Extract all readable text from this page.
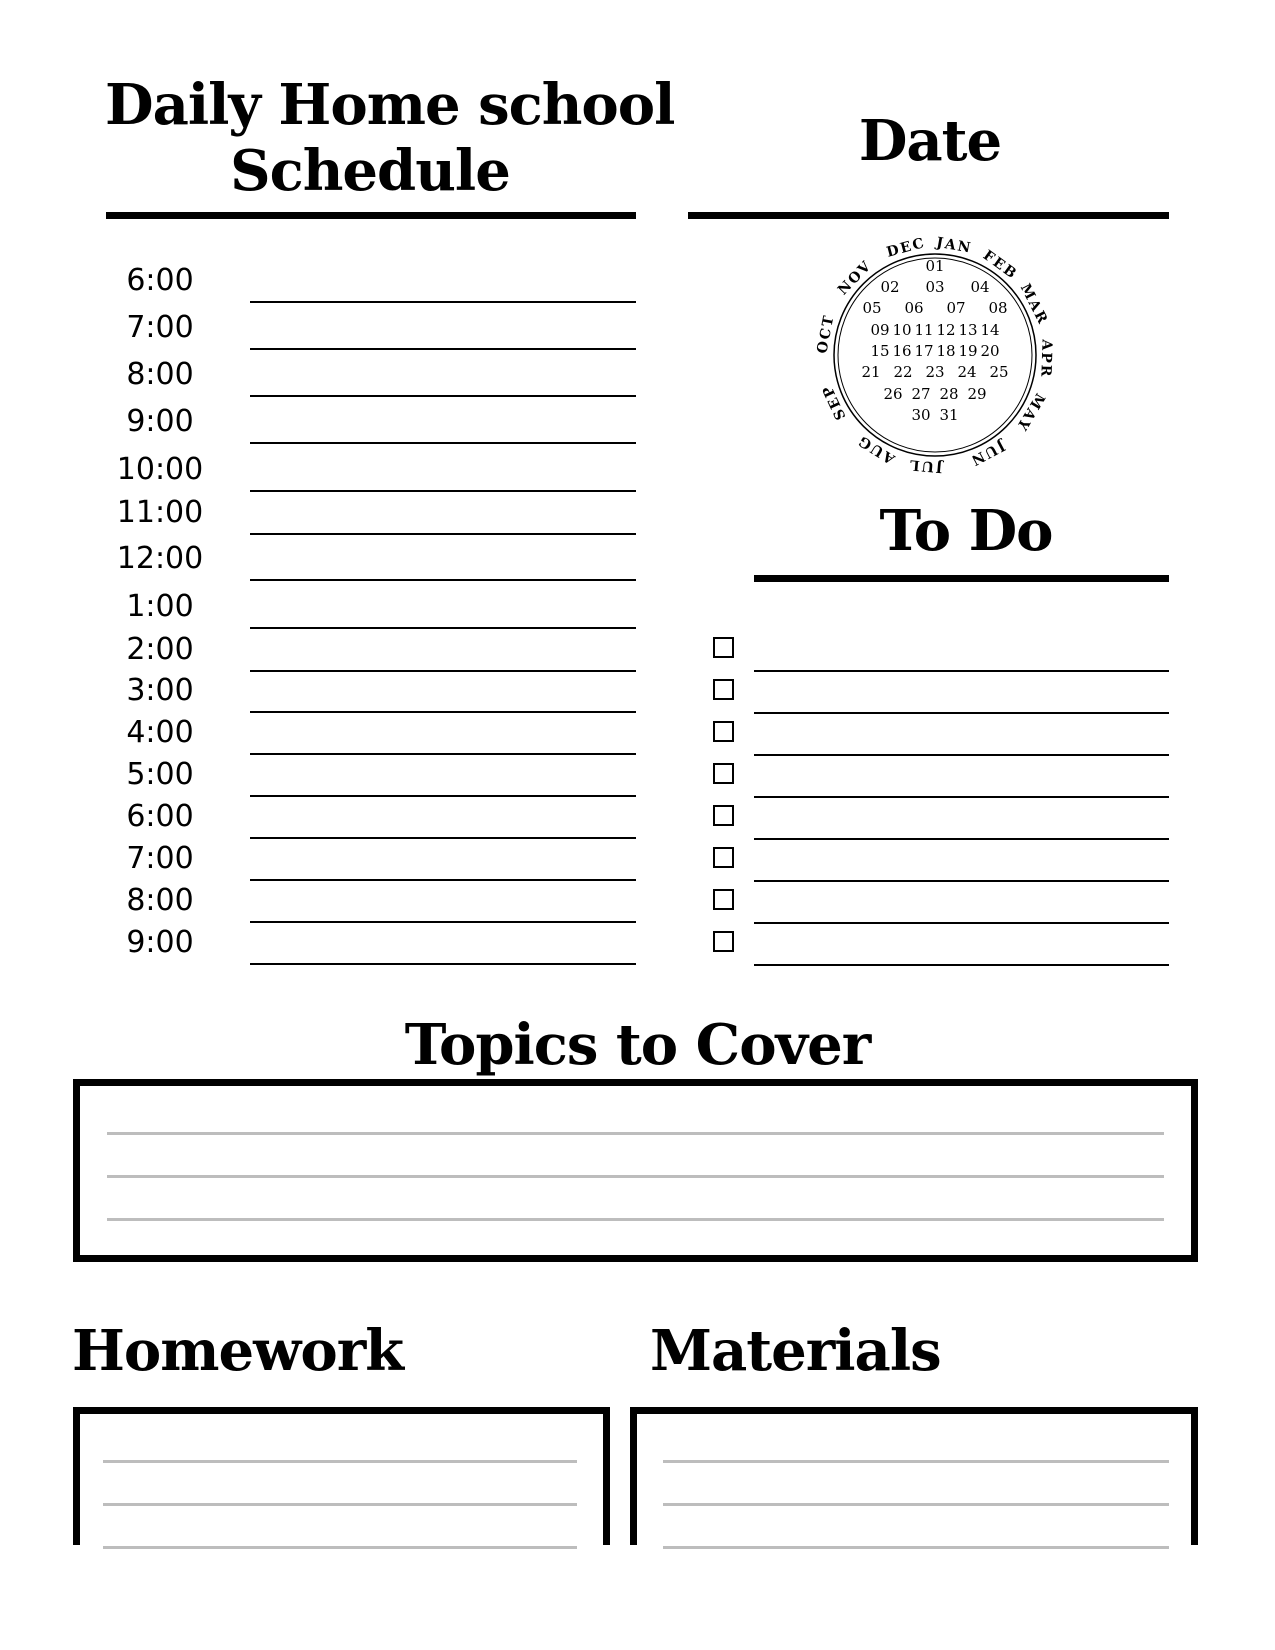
Daily Home school
Schedule	Date
6:00
7:00
8:00
9:00
10:00
11:00
12:00
1:00
2:00
3:00
4:00
5:00
6:00
7:00
8:00
9:00
JAN
FEB
MAR
APR
MAY
JUN
JUL
AUG
SEP
OCT
NOV
DEC
01
02 03 04
05 06 07 08
09 10 11 12 13 14
15 16 17 18 19 20
21 22 23 24 25
26 27 28 29
30 31
To Do
Topics to Cover
Homework	Materials
